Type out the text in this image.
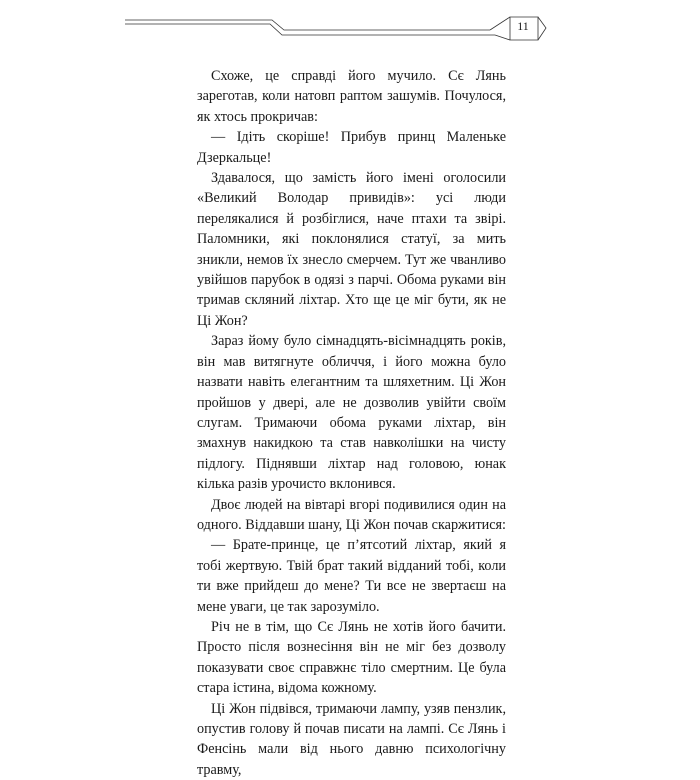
11

Схоже, це справді його мучило. Сє Лянь зареготав, коли натовп раптом зашумів. Почулося, як хтось прокричав:

— Ідіть скоріше! Прибув принц Маленьке Дзеркальце!

Здавалося, що замість його імені оголосили «Великий Володар привидів»: усі люди перелякалися й розбіглися, наче птахи та звірі. Паломники, які поклонялися статуї, за мить зникли, немов їх знесло смерчем. Тут же чванливо увійшов парубок в одязі з парчі. Обома руками він тримав скляний ліхтар. Хто ще це міг бути, як не Ці Жон?

Зараз йому було сімнадцять-вісімнадцять років, він мав витягнуте обличчя, і його можна було назвати навіть елегантним та шляхетним. Ці Жон пройшов у двері, але не дозволив увійти своїм слугам. Тримаючи обома руками ліхтар, він змахнув накидкою та став навколішки на чисту підлогу. Піднявши ліхтар над головою, юнак кілька разів урочисто вклонився.

Двоє людей на вівтарі вгорі подивилися один на одного. Віддавши шану, Ці Жон почав скаржитися:

— Брате-принце, це п’ятсотий ліхтар, який я тобі жертвую. Твій брат такий відданий тобі, коли ти вже прийдеш до мене? Ти все не звертаєш на мене уваги, це так зарозуміло.

Річ не в тім, що Сє Лянь не хотів його бачити. Просто після вознесіння він не міг без дозволу показувати своє справжнє тіло смертним. Це була стара істина, відома кожному.

Ці Жон підвівся, тримаючи лампу, узяв пензлик, опустив голову й почав писати на лампі. Сє Лянь і Фенсінь мали від нього давню психологічну травму,
